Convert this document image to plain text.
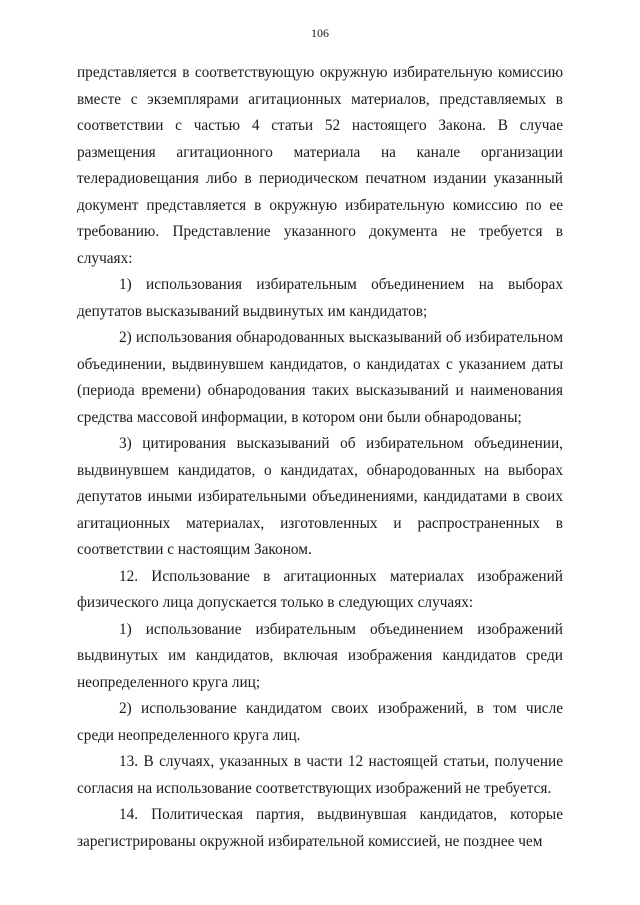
106

представляется в соответствующую окружную избирательную комиссию вместе с экземплярами агитационных материалов, представляемых в соответствии с частью 4 статьи 52 настоящего Закона. В случае размещения агитационного материала на канале организации телерадиовещания либо в периодическом печатном издании указанный документ представляется в окружную избирательную комиссию по ее требованию. Представление указанного документа не требуется в случаях:

1) использования избирательным объединением на выборах депутатов высказываний выдвинутых им кандидатов;

2) использования обнародованных высказываний об избирательном объединении, выдвинувшем кандидатов, о кандидатах с указанием даты (периода времени) обнародования таких высказываний и наименования средства массовой информации, в котором они были обнародованы;

3) цитирования высказываний об избирательном объединении, выдвинувшем кандидатов, о кандидатах, обнародованных на выборах депутатов иными избирательными объединениями, кандидатами в своих агитационных материалах, изготовленных и распространенных в соответствии с настоящим Законом.

12. Использование в агитационных материалах изображений физического лица допускается только в следующих случаях:

1) использование избирательным объединением изображений выдвинутых им кандидатов, включая изображения кандидатов среди неопределенного круга лиц;

2) использование кандидатом своих изображений, в том числе среди неопределенного круга лиц.

13. В случаях, указанных в части 12 настоящей статьи, получение согласия на использование соответствующих изображений не требуется.

14. Политическая партия, выдвинувшая кандидатов, которые зарегистрированы окружной избирательной комиссией, не позднее чем
